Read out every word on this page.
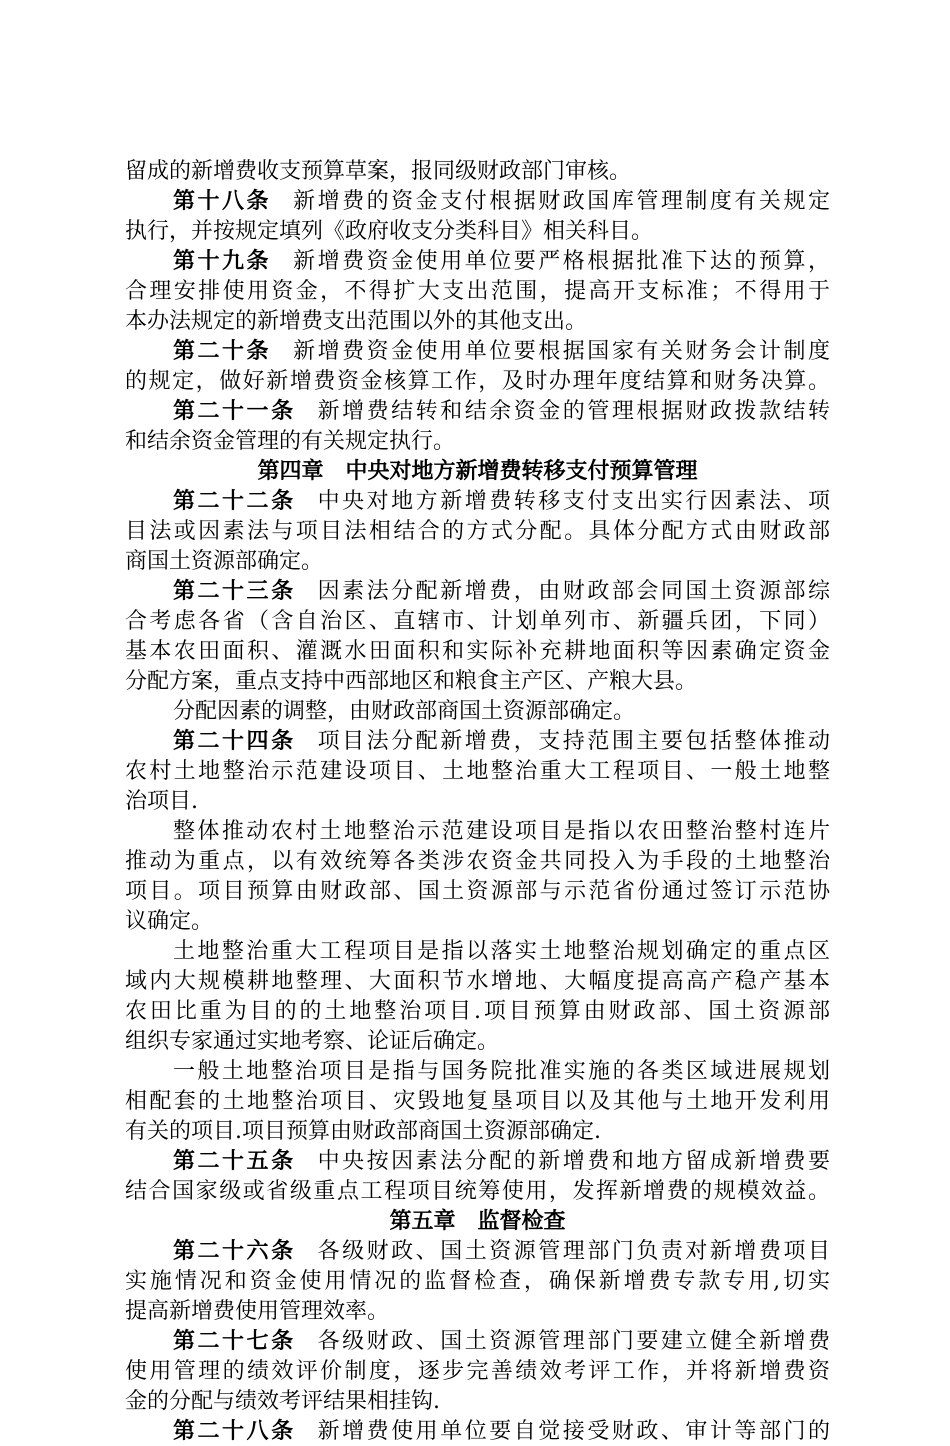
留成的新增费收支预算草案，报同级财政部门审核。
第十八条 新增费的资金支付根据财政国库管理制度有关规定
执行，并按规定填列《政府收支分类科目》相关科目。
第十九条 新增费资金使用单位要严格根据批准下达的预算，
合理安排使用资金，不得扩大支出范围，提高开支标准；不得用于
本办法规定的新增费支出范围以外的其他支出。
第二十条 新增费资金使用单位要根据国家有关财务会计制度
的规定，做好新增费资金核算工作，及时办理年度结算和财务决算。
第二十一条 新增费结转和结余资金的管理根据财政拨款结转
和结余资金管理的有关规定执行。
第四章　中央对地方新增费转移支付预算管理
第二十二条 中央对地方新增费转移支付支出实行因素法、项
目法或因素法与项目法相结合的方式分配。具体分配方式由财政部
商国土资源部确定。
第二十三条 因素法分配新增费，由财政部会同国土资源部综
合考虑各省（含自治区、直辖市、计划单列市、新疆兵团，下同）
基本农田面积、灌溉水田面积和实际补充耕地面积等因素确定资金
分配方案，重点支持中西部地区和粮食主产区、产粮大县。
分配因素的调整，由财政部商国土资源部确定。
第二十四条 项目法分配新增费，支持范围主要包括整体推动
农村土地整治示范建设项目、土地整治重大工程项目、一般土地整
治项目.
整体推动农村土地整治示范建设项目是指以农田整治整村连片
推动为重点，以有效统筹各类涉农资金共同投入为手段的土地整治
项目。项目预算由财政部、国土资源部与示范省份通过签订示范协
议确定。
土地整治重大工程项目是指以落实土地整治规划确定的重点区
域内大规模耕地整理、大面积节水增地、大幅度提高高产稳产基本
农田比重为目的的土地整治项目.项目预算由财政部、国土资源部
组织专家通过实地考察、论证后确定。
一般土地整治项目是指与国务院批准实施的各类区域进展规划
相配套的土地整治项目、灾毁地复垦项目以及其他与土地开发利用
有关的项目.项目预算由财政部商国土资源部确定.
第二十五条 中央按因素法分配的新增费和地方留成新增费要
结合国家级或省级重点工程项目统筹使用，发挥新增费的规模效益。
第五章　监督检查
第二十六条 各级财政、国土资源管理部门负责对新增费项目
实施情况和资金使用情况的监督检查，确保新增费专款专用,切实
提高新增费使用管理效率。
第二十七条 各级财政、国土资源管理部门要建立健全新增费
使用管理的绩效评价制度，逐步完善绩效考评工作，并将新增费资
金的分配与绩效考评结果相挂钩.
第二十八条 新增费使用单位要自觉接受财政、审计等部门的
